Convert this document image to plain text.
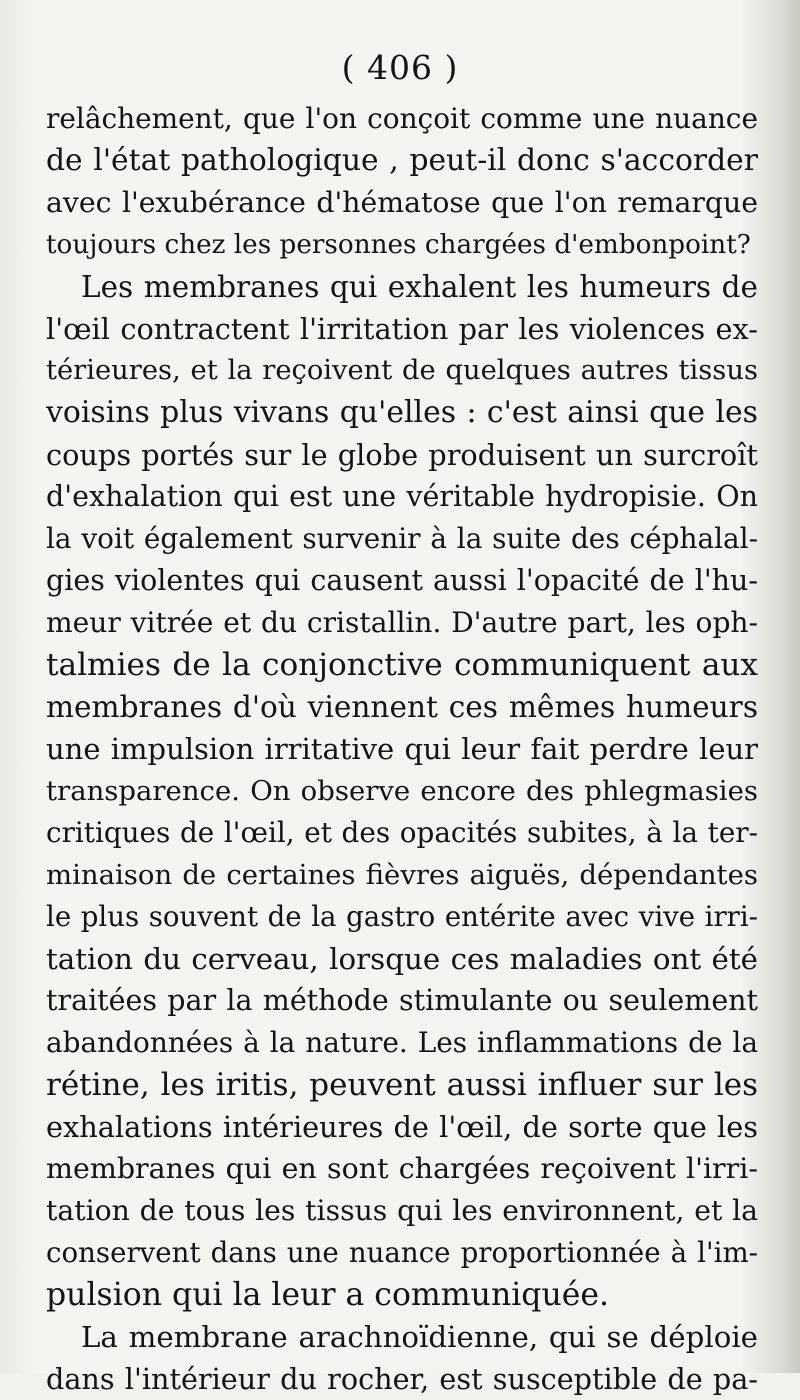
( 406 )
relâchement, que l'on conçoit comme une nuance
de l'état pathologique , peut-il donc s'accorder
avec l'exubérance d'hématose que l'on remarque
toujours chez les personnes chargées d'embonpoint?
Les membranes qui exhalent les humeurs de
l'œil contractent l'irritation par les violences ex-
térieures, et la reçoivent de quelques autres tissus
voisins plus vivans qu'elles : c'est ainsi que les
coups portés sur le globe produisent un surcroît
d'exhalation qui est une véritable hydropisie. On
la voit également survenir à la suite des céphalal-
gies violentes qui causent aussi l'opacité de l'hu-
meur vitrée et du cristallin. D'autre part, les oph-
talmies de la conjonctive communiquent aux
membranes d'où viennent ces mêmes humeurs
une impulsion irritative qui leur fait perdre leur
transparence. On observe encore des phlegmasies
critiques de l'œil, et des opacités subites, à la ter-
minaison de certaines fièvres aiguës, dépendantes
le plus souvent de la gastro entérite avec vive irri-
tation du cerveau, lorsque ces maladies ont été
traitées par la méthode stimulante ou seulement
abandonnées à la nature. Les inflammations de la
rétine, les iritis, peuvent aussi influer sur les
exhalations intérieures de l'œil, de sorte que les
membranes qui en sont chargées reçoivent l'irri-
tation de tous les tissus qui les environnent, et la
conservent dans une nuance proportionnée à l'im-
pulsion qui la leur a communiquée.
La membrane arachnoïdienne, qui se déploie
dans l'intérieur du rocher, est susceptible de pa-
